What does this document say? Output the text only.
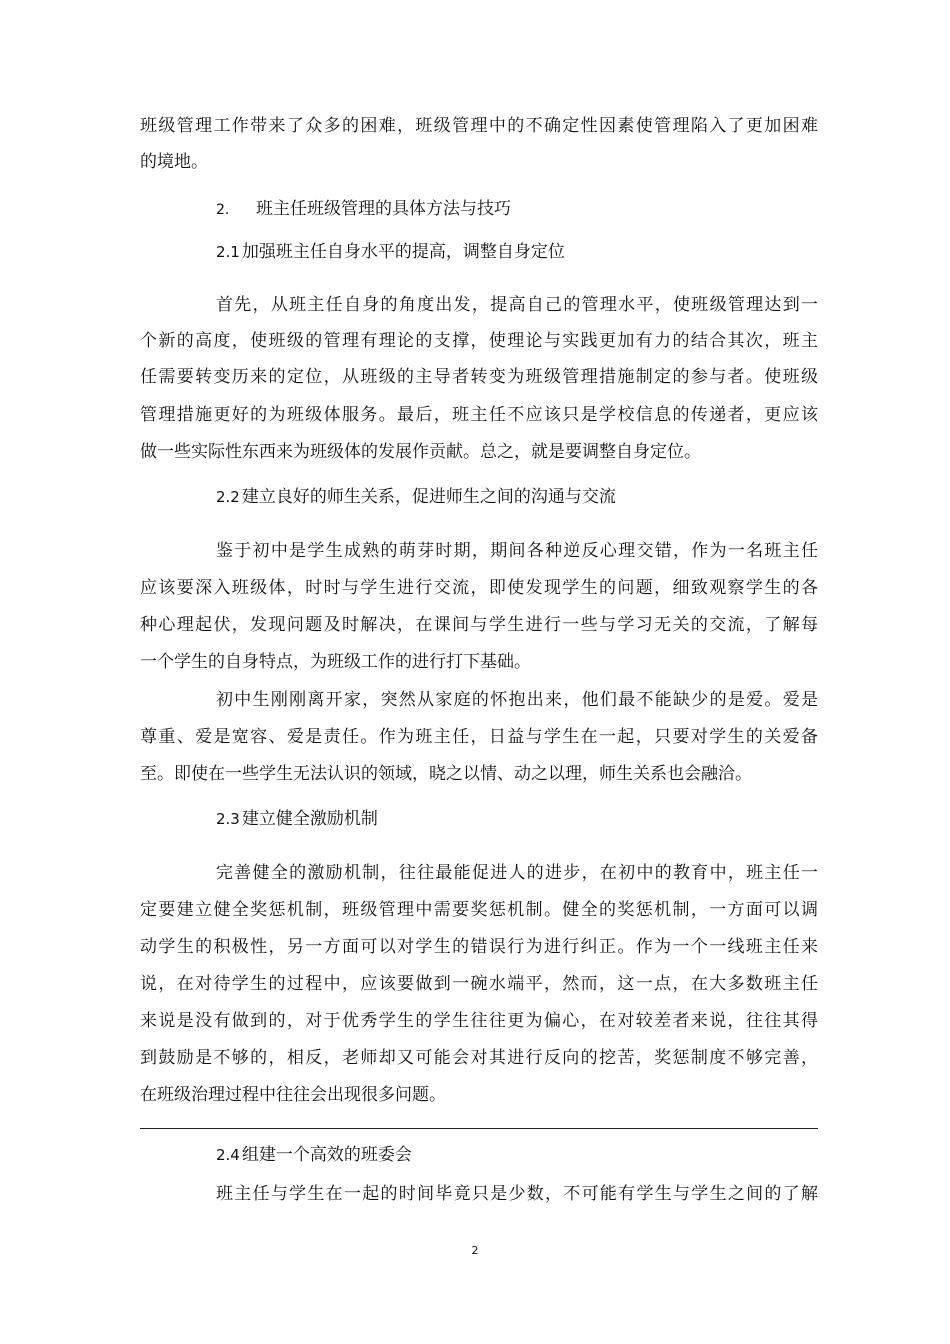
班级管理工作带来了众多的困难，班级管理中的不确定性因素使管理陷入了更加困难
的境地。
2. 班主任班级管理的具体方法与技巧
2.1 加强班主任自身水平的提高，调整自身定位
首先，从班主任自身的角度出发，提高自己的管理水平，使班级管理达到一
个新的高度，使班级的管理有理论的支撑，使理论与实践更加有力的结合其次，班主
任需要转变历来的定位，从班级的主导者转变为班级管理措施制定的参与者。使班级
管理措施更好的为班级体服务。最后，班主任不应该只是学校信息的传递者，更应该
做一些实际性东西来为班级体的发展作贡献。总之，就是要调整自身定位。
2.2 建立良好的师生关系，促进师生之间的沟通与交流
鉴于初中是学生成熟的萌芽时期，期间各种逆反心理交错，作为一名班主任
应该要深入班级体，时时与学生进行交流，即使发现学生的问题，细致观察学生的各
种心理起伏，发现问题及时解决，在课间与学生进行一些与学习无关的交流，了解每
一个学生的自身特点，为班级工作的进行打下基础。
初中生刚刚离开家，突然从家庭的怀抱出来，他们最不能缺少的是爱。爱是
尊重、爱是宽容、爱是责任。作为班主任，日益与学生在一起，只要对学生的关爱备
至。即使在一些学生无法认识的领域，晓之以情、动之以理，师生关系也会融洽。
2.3 建立健全激励机制
完善健全的激励机制，往往最能促进人的进步，在初中的教育中，班主任一
定要建立健全奖惩机制，班级管理中需要奖惩机制。健全的奖惩机制，一方面可以调
动学生的积极性，另一方面可以对学生的错误行为进行纠正。作为一个一线班主任来
说，在对待学生的过程中，应该要做到一碗水端平，然而，这一点，在大多数班主任
来说是没有做到的，对于优秀学生的学生往往更为偏心，在对较差者来说，往往其得
到鼓励是不够的，相反，老师却又可能会对其进行反向的挖苦，奖惩制度不够完善，
在班级治理过程中往往会出现很多问题。
2.4 组建一个高效的班委会
班主任与学生在一起的时间毕竟只是少数，不可能有学生与学生之间的了解
2
